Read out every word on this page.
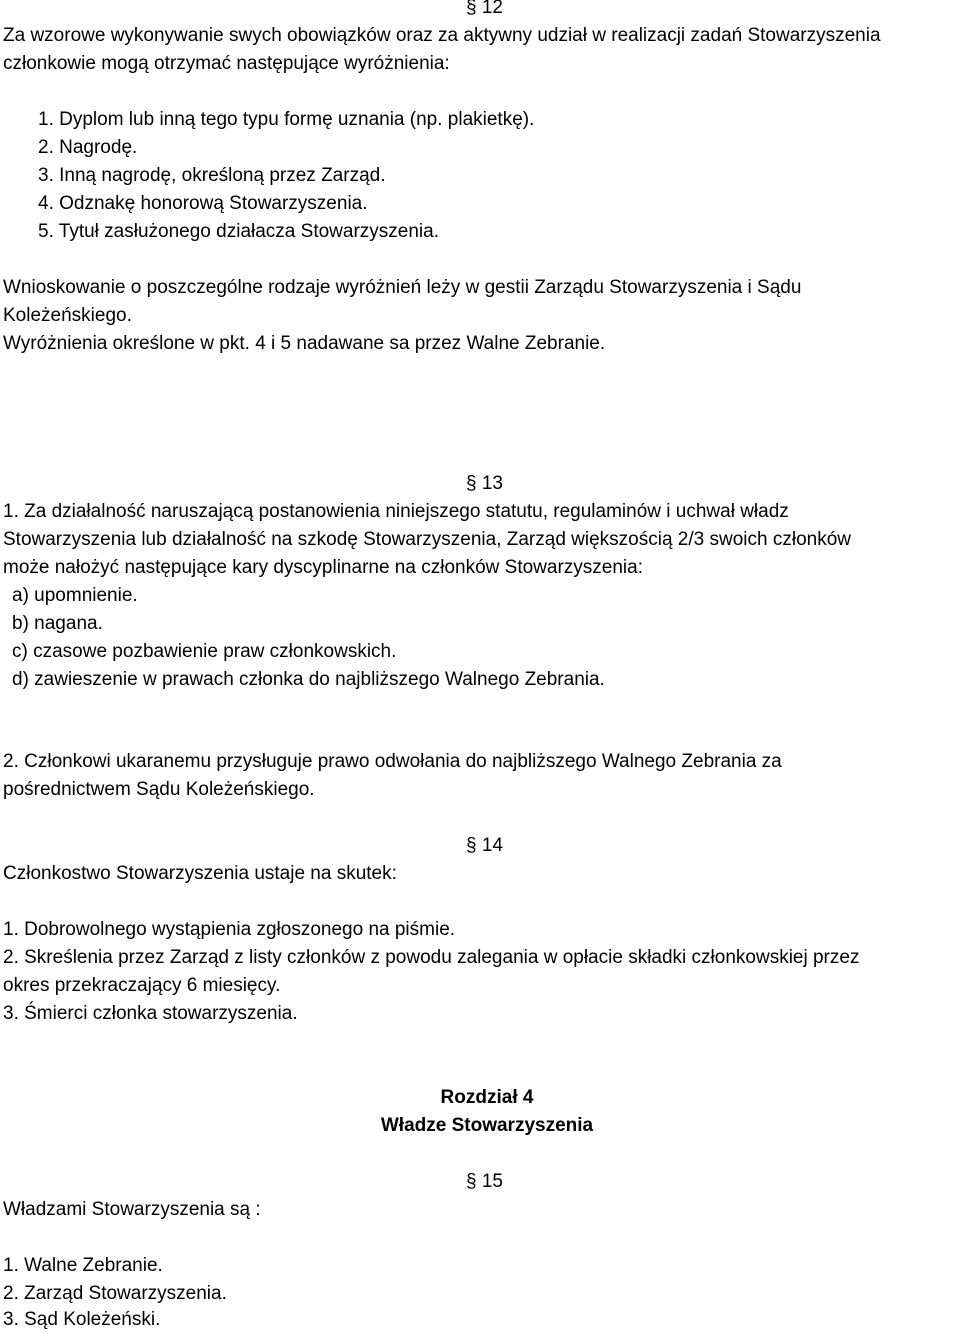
§ 12
Za wzorowe wykonywanie swych obowiązków oraz za aktywny udział w realizacji zadań Stowarzyszenia
członkowie mogą otrzymać następujące wyróżnienia:
1. Dyplom lub inną tego typu formę uznania (np. plakietkę).
2. Nagrodę.
3. Inną nagrodę, określoną przez Zarząd.
4. Odznakę honorową Stowarzyszenia.
5. Tytuł zasłużonego działacza Stowarzyszenia.
Wnioskowanie o poszczególne rodzaje wyróżnień leży w gestii Zarządu Stowarzyszenia i Sądu
Koleżeńskiego.
Wyróżnienia określone w pkt. 4 i 5 nadawane sa przez Walne Zebranie.
§ 13
1. Za działalność naruszającą postanowienia niniejszego statutu, regulaminów i uchwał władz
Stowarzyszenia lub działalność na szkodę Stowarzyszenia, Zarząd większością 2/3 swoich członków
może nałożyć następujące kary dyscyplinarne na członków Stowarzyszenia:
a) upomnienie.
b) nagana.
c) czasowe pozbawienie praw członkowskich.
d) zawieszenie w prawach członka do najbliższego Walnego Zebrania.
2. Członkowi ukaranemu przysługuje prawo odwołania do najbliższego Walnego Zebrania za
pośrednictwem Sądu Koleżeńskiego.
§ 14
Członkostwo Stowarzyszenia ustaje na skutek:
1. Dobrowolnego wystąpienia zgłoszonego na piśmie.
2. Skreślenia przez Zarząd z listy członków z powodu zalegania w opłacie składki członkowskiej przez
okres przekraczający 6 miesięcy.
3. Śmierci członka stowarzyszenia.
Rozdział 4
Władze Stowarzyszenia
§ 15
Władzami Stowarzyszenia są :
1. Walne Zebranie.
2. Zarząd Stowarzyszenia.
3. Sąd Koleżeński.
